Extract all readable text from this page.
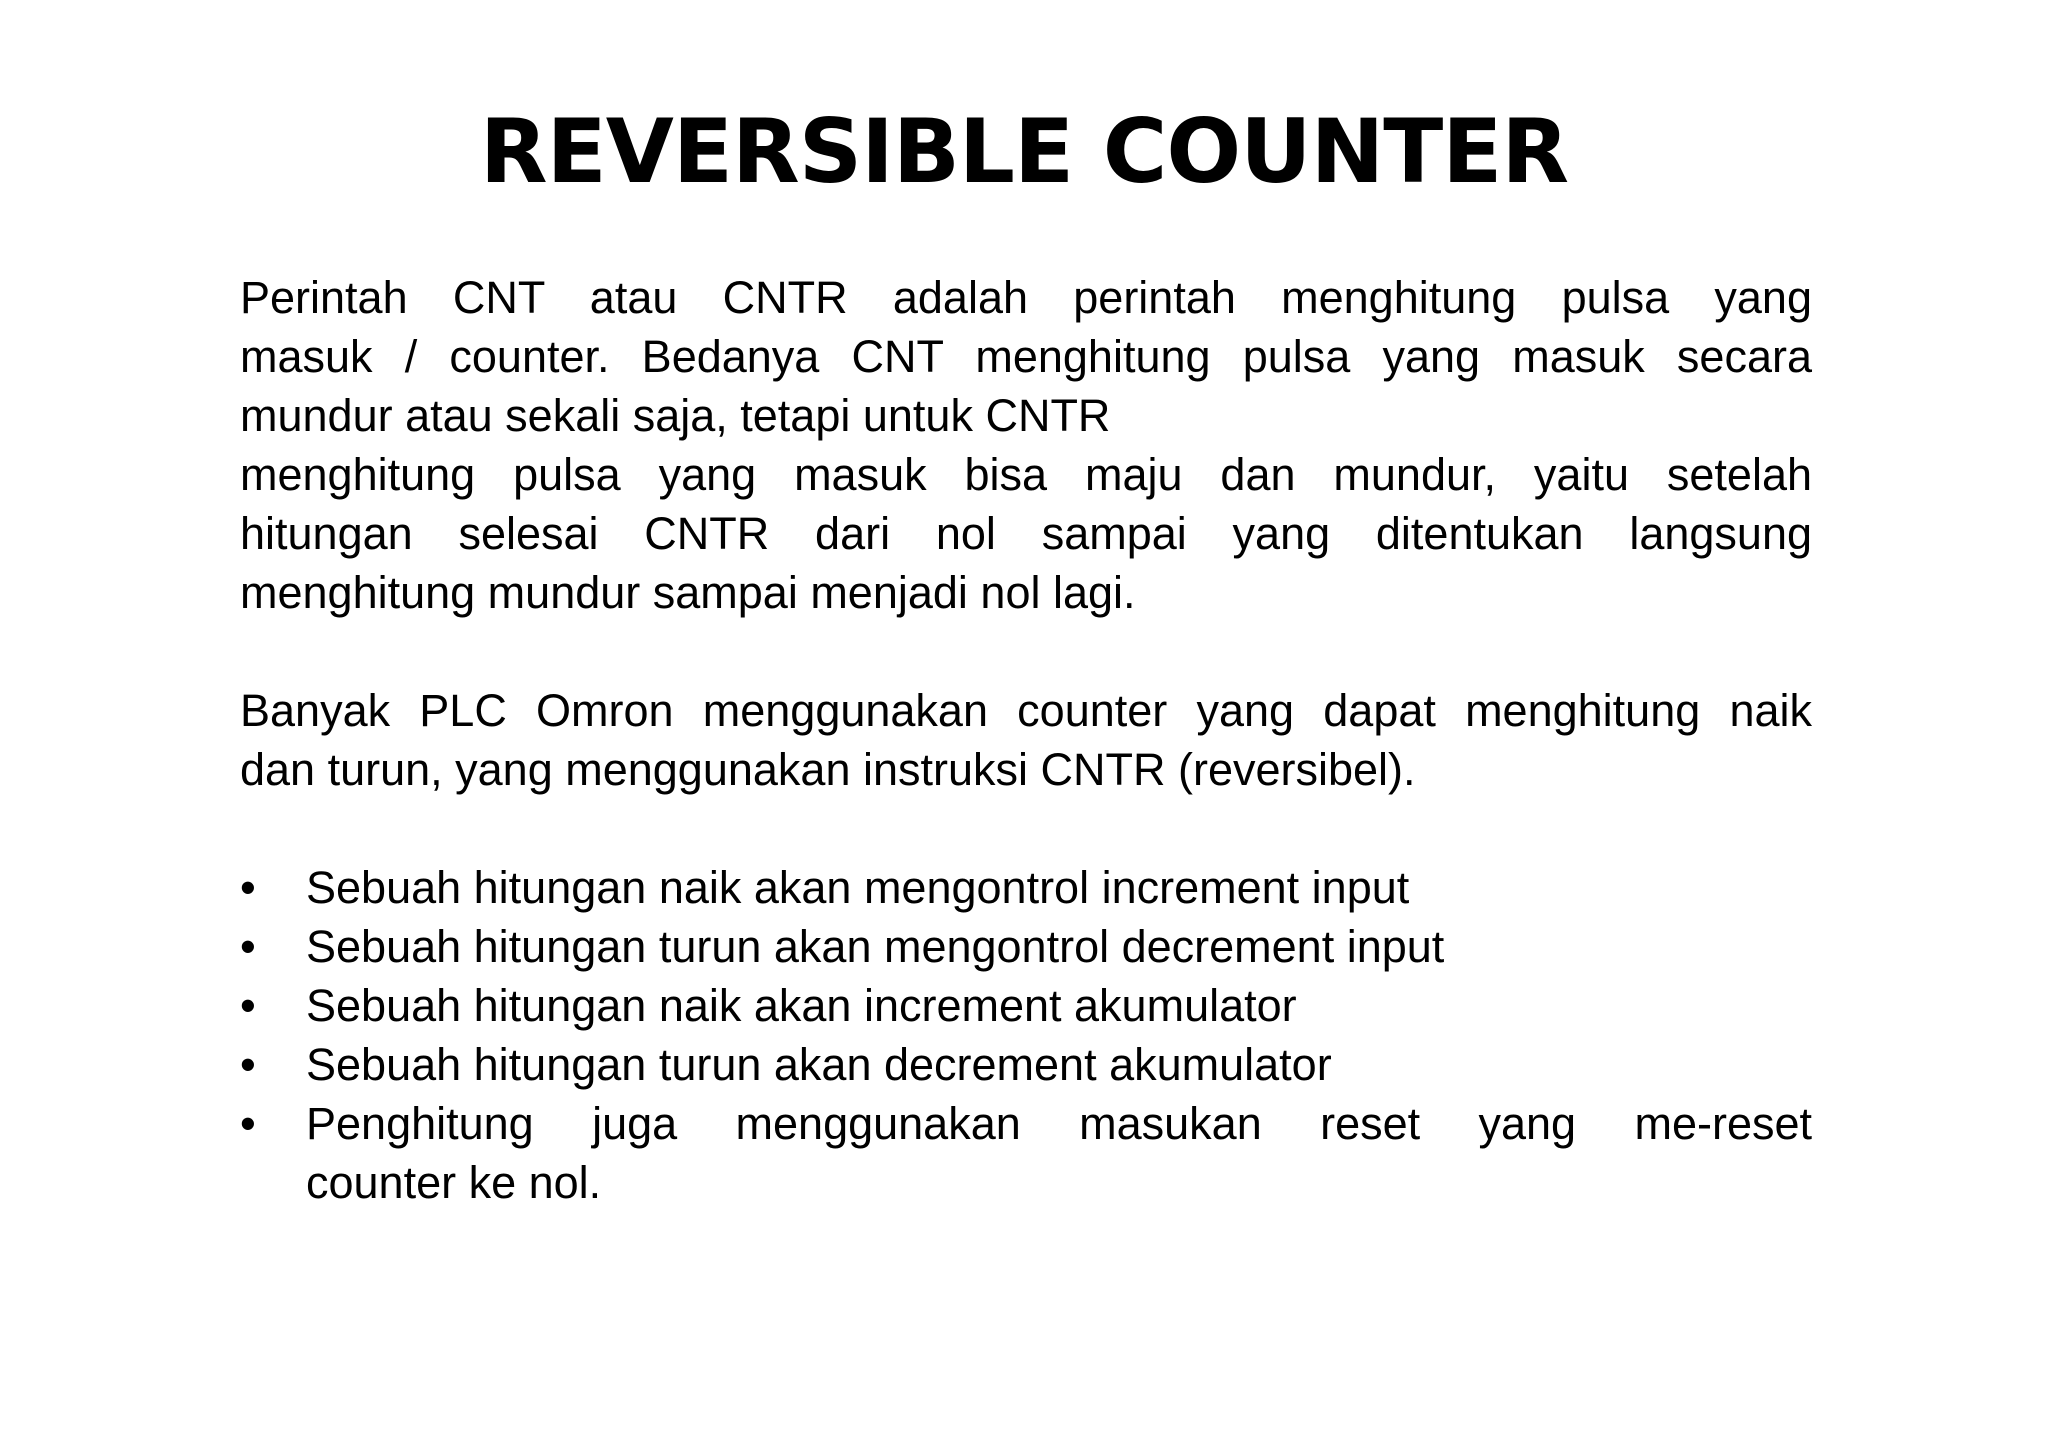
REVERSIBLE COUNTER
Perintah CNT atau CNTR adalah perintah menghitung pulsa yang
masuk / counter. Bedanya CNT menghitung pulsa yang masuk secara
mundur atau sekali saja, tetapi untuk CNTR
menghitung pulsa yang masuk bisa maju dan mundur, yaitu setelah
hitungan selesai CNTR dari nol sampai yang ditentukan langsung
menghitung mundur sampai menjadi nol lagi.
Banyak PLC Omron menggunakan counter yang dapat menghitung naik
dan turun, yang menggunakan instruksi CNTR (reversibel).
• Sebuah hitungan naik akan mengontrol increment input
• Sebuah hitungan turun akan mengontrol decrement input
• Sebuah hitungan naik akan increment akumulator
• Sebuah hitungan turun akan decrement akumulator
• Penghitung juga menggunakan masukan reset yang me-reset
counter ke nol.
